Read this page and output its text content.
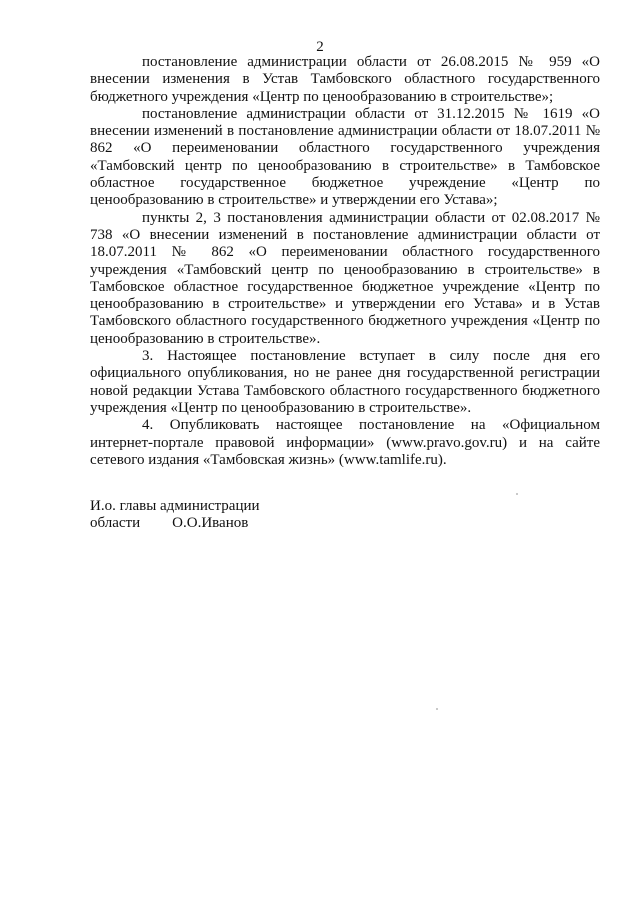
2

постановление администрации области от 26.08.2015 № 959 «О внесении изменения в Устав Тамбовского областного государственного бюджетного учреждения «Центр по ценообразованию в строительстве»;

постановление администрации области от 31.12.2015 № 1619 «О внесении изменений в постановление администрации области от 18.07.2011 № 862 «О переименовании областного государственного учреждения «Тамбовский центр по ценообразованию в строительстве» в Тамбовское областное государственное бюджетное учреждение «Центр по ценообразованию в строительстве» и утверждении его Устава»;

пункты 2, 3 постановления администрации области от 02.08.2017 № 738 «О внесении изменений в постановление администрации области от 18.07.2011 № 862 «О переименовании областного государственного учреждения «Тамбовский центр по ценообразованию в строительстве» в Тамбовское областное государственное бюджетное учреждение «Центр по ценообразованию в строительстве» и утверждении его Устава» и в Устав Тамбовского областного государственного бюджетного учреждения «Центр по ценообразованию в строительстве».

3. Настоящее постановление вступает в силу после дня его официального опубликования, но не ранее дня государственной регистрации новой редакции Устава Тамбовского областного государственного бюджетного учреждения «Центр по ценообразованию в строительстве».

4. Опубликовать настоящее постановление на «Официальном интернет-портале правовой информации» (www.pravo.gov.ru) и на сайте сетевого издания «Тамбовская жизнь» (www.tamlife.ru).

И.о. главы администрации
области О.О.Иванов
